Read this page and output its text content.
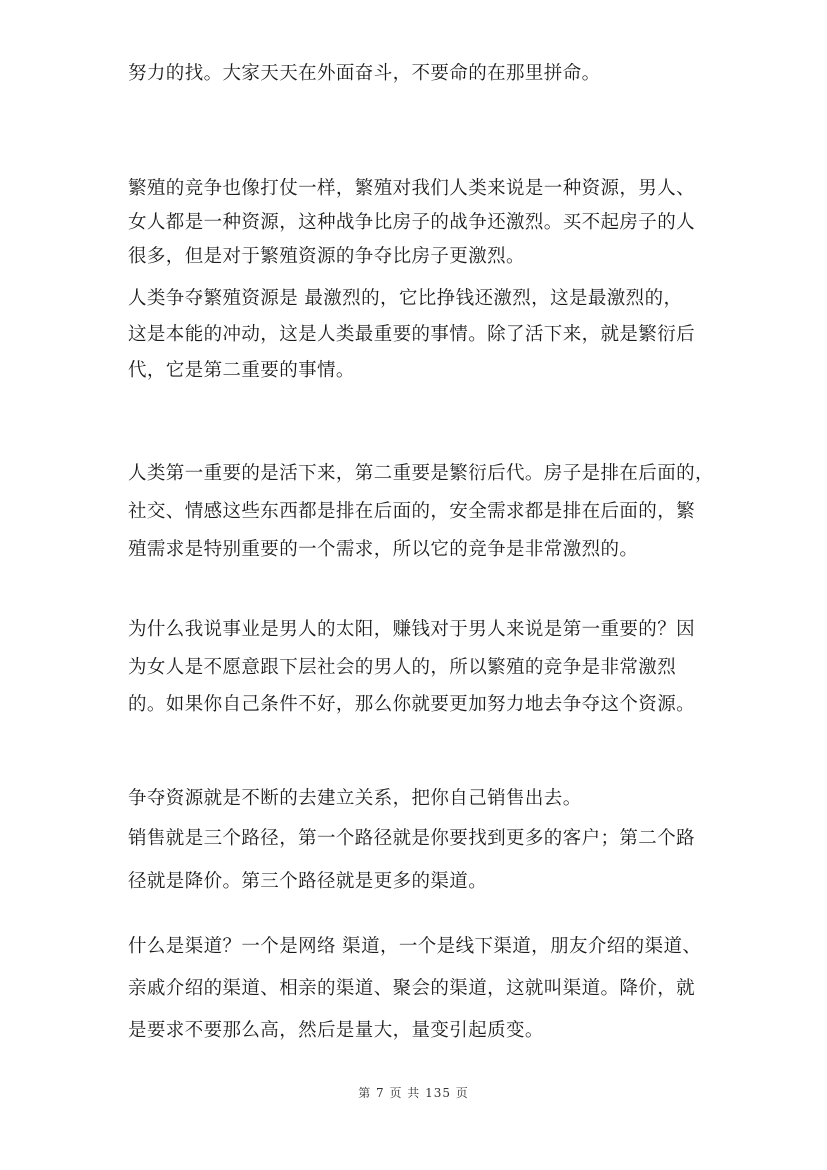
努力的找。大家天天在外面奋斗，不要命的在那里拼命。

繁殖的竞争也像打仗一样，繁殖对我们人类来说是一种资源，男人、

女人都是一种资源，这种战争比房子的战争还激烈。买不起房子的人

很多，但是对于繁殖资源的争夺比房子更激烈。

人类争夺繁殖资源是 最激烈的，它比挣钱还激烈，这是最激烈的，

这是本能的冲动，这是人类最重要的事情。除了活下来，就是繁衍后

代，它是第二重要的事情。

人类第一重要的是活下来，第二重要是繁衍后代。房子是排在后面的，

社交、情感这些东西都是排在后面的，安全需求都是排在后面的，繁

殖需求是特别重要的一个需求，所以它的竞争是非常激烈的。

为什么我说事业是男人的太阳，赚钱对于男人来说是第一重要的？因

为女人是不愿意跟下层社会的男人的，所以繁殖的竞争是非常激烈

的。如果你自己条件不好，那么你就要更加努力地去争夺这个资源。

争夺资源就是不断的去建立关系，把你自己销售出去。

销售就是三个路径，第一个路径就是你要找到更多的客户；第二个路

径就是降价。第三个路径就是更多的渠道。

什么是渠道？一个是网络 渠道，一个是线下渠道，朋友介绍的渠道、

亲戚介绍的渠道、相亲的渠道、聚会的渠道，这就叫渠道。降价，就

是要求不要那么高，然后是量大，量变引起质变。

第 7 页 共 135 页
